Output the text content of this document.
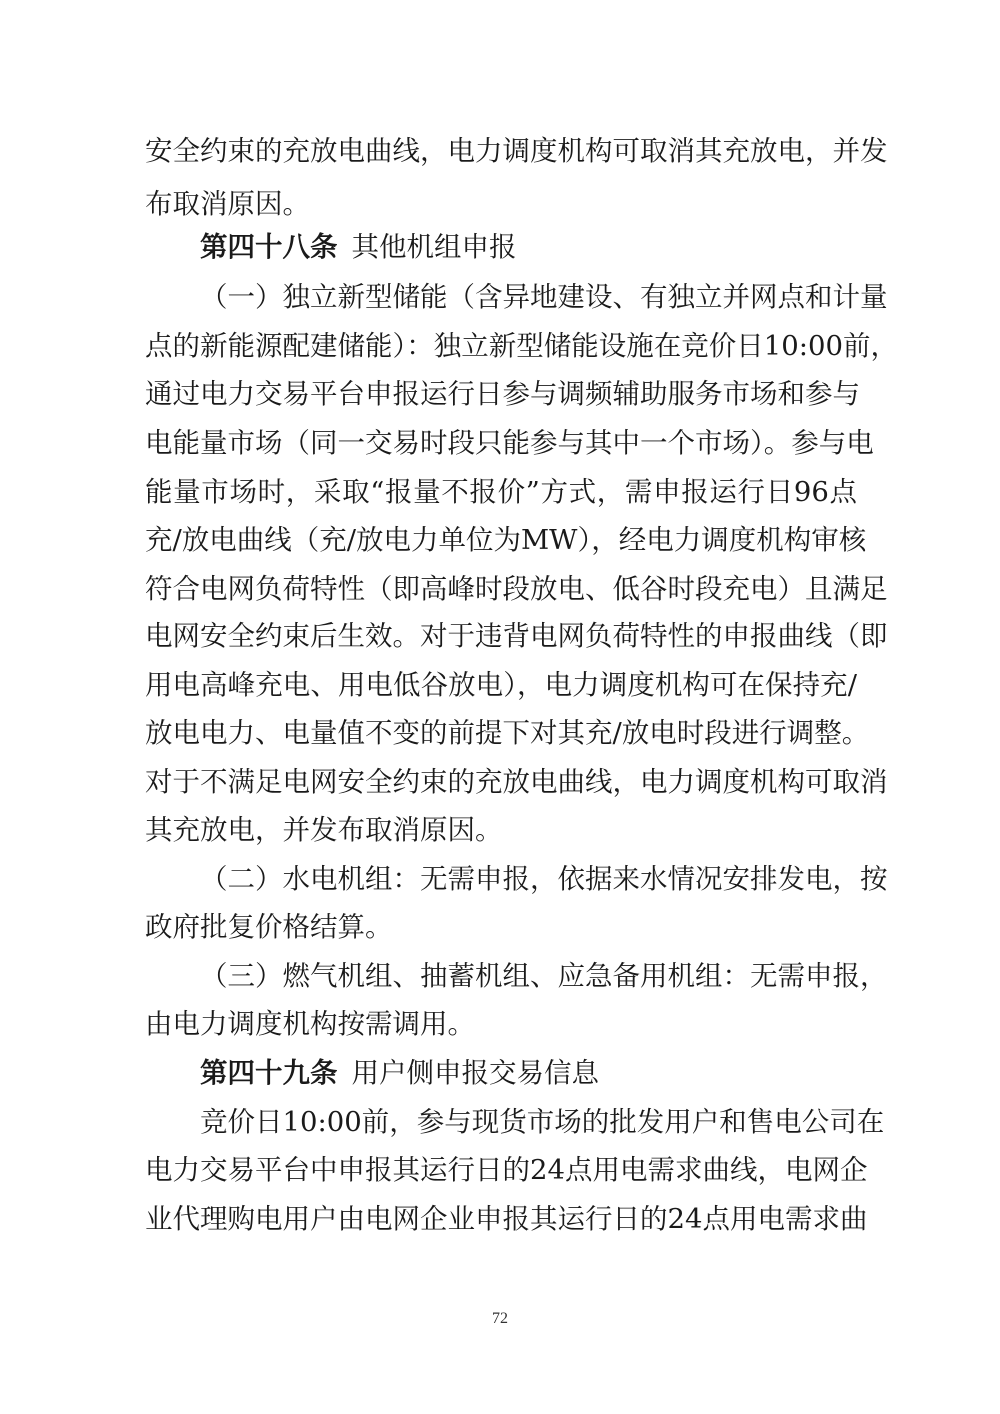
安全约束的充放电曲线，电力调度机构可取消其充放电，并发
布取消原因。
第四十八条 其他机组申报
（一）独立新型储能（含异地建设、有独立并网点和计量
点的新能源配建储能）：独立新型储能设施在竞价日10:00前，
通过电力交易平台申报运行日参与调频辅助服务市场和参与
电能量市场（同一交易时段只能参与其中一个市场）。参与电
能量市场时，采取“报量不报价”方式，需申报运行日96点
充/放电曲线（充/放电力单位为MW），经电力调度机构审核
符合电网负荷特性（即高峰时段放电、低谷时段充电）且满足
电网安全约束后生效。对于违背电网负荷特性的申报曲线（即
用电高峰充电、用电低谷放电），电力调度机构可在保持充/
放电电力、电量值不变的前提下对其充/放电时段进行调整。
对于不满足电网安全约束的充放电曲线，电力调度机构可取消
其充放电，并发布取消原因。
（二）水电机组：无需申报，依据来水情况安排发电，按
政府批复价格结算。
（三）燃气机组、抽蓄机组、应急备用机组：无需申报，
由电力调度机构按需调用。
第四十九条 用户侧申报交易信息
竞价日10:00前，参与现货市场的批发用户和售电公司在
电力交易平台中申报其运行日的24点用电需求曲线，电网企
业代理购电用户由电网企业申报其运行日的24点用电需求曲
72
